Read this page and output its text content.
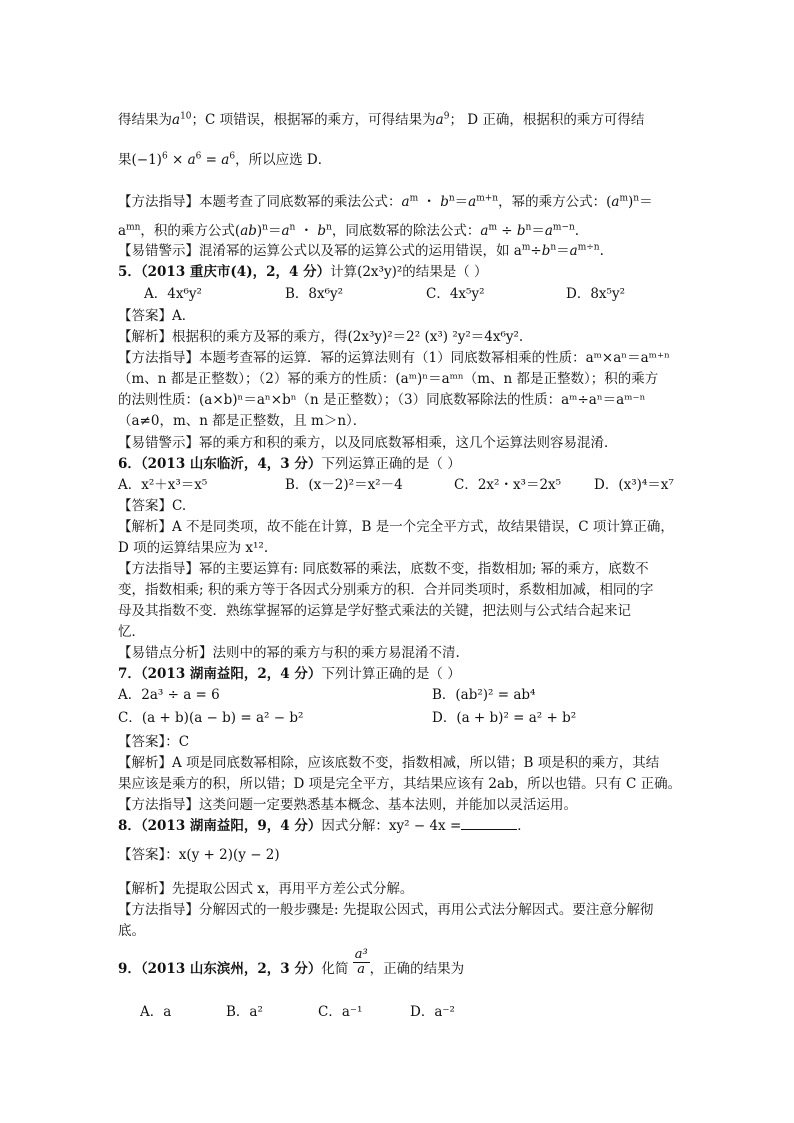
得结果为$a^{10}$；C 项错误，根据幂的乘方，可得结果为$a^9$； D 正确，根据积的乘方可得结
果$(-1)^6 \times a^6 = a^6$，所以应选 D．
【方法指导】本题考查了同底数幂的乘法公式：$a^m$ ・ $b^n=a^{m+n}$，幂的乘方公式：$(a^m)^n=$
$a^{mn}$，积的乘方公式$(ab)^n=a^n$ ・ $b^n$，同底数幂的除法公式：$a^m \div b^n=a^{m-n}$.
【易错警示】混淆幂的运算公式以及幂的运算公式的运用错误，如 $a^m\div b^n=a^{m\div n}$.
5．（2013 重庆市(4)，2，4 分）计算(2x³y)²的结果是（ ）
A．4x⁶y²	B．8x⁶y²	C．4x⁵y²	D．8x⁵y²
【答案】A．
【解析】根据积的乘方及幂的乘方，得(2x³y)²＝2² (x³) ²y²＝4x⁶y².
【方法指导】本题考查幂的运算．幂的运算法则有（1）同底数幂相乘的性质：aᵐ×aⁿ＝aᵐ⁺ⁿ
（m、n 都是正整数）；（2）幂的乘方的性质：(aᵐ)ⁿ＝aᵐⁿ（m、n 都是正整数）；积的乘方
的法则性质：(a×b)ⁿ＝aⁿ×bⁿ（n 是正整数）；（3）同底数幂除法的性质：aᵐ÷aⁿ＝aᵐ⁻ⁿ
（a≠0，m、n 都是正整数，且 m＞n）．
【易错警示】幂的乘方和积的乘方，以及同底数幂相乘，这几个运算法则容易混淆．
6．（2013 山东临沂，4，3 分）下列运算正确的是（ ）
A．x²＋x³＝x⁵	B．(x－2)²＝x²－4	C．2x²・x³＝2x⁵ D．(x³)⁴＝x⁷
【答案】C.
【解析】A 不是同类项，故不能在计算，B 是一个完全平方式，故结果错误，C 项计算正确，
D 项的运算结果应为 x¹².
【方法指导】幂的主要运算有: 同底数幂的乘法，底数不变，指数相加; 幂的乘方，底数不
变，指数相乘; 积的乘方等于各因式分别乘方的积．合并同类项时，系数相加减，相同的字
母及其指数不变．熟练掌握幂的运算是学好整式乘法的关键，把法则与公式结合起来记
忆．
【易错点分析】法则中的幂的乘方与积的乘方易混淆不清.
7．（2013 湖南益阳，2，4 分）下列计算正确的是（ ）
A．2a³ ÷ a = 6	B．(ab²)² = ab⁴
C．(a + b)(a − b) = a² − b²	D．(a + b)² = a² + b²
【答案】：C
【解析】A 项是同底数幂相除，应该底数不变，指数相减，所以错；B 项是积的乘方，其结
果应该是乘方的积，所以错；D 项是完全平方，其结果应该有 2ab，所以也错。只有 C 正确。
【方法指导】这类问题一定要熟悉基本概念、基本法则，并能加以灵活运用。
8．（2013 湖南益阳，9，4 分）因式分解：xy² − 4x =	．
【答案】：x(y + 2)(y − 2)
【解析】先提取公因式 x，再用平方差公式分解。
【方法指导】分解因式的一般步骤是: 先提取公因式，再用公式法分解因式。要注意分解彻
底。
9．（2013 山东滨州，2，3 分）化简 $\frac{\text{a³}}{a}$ ，正确的结果为
A．a	B．a²	C．a⁻¹	D．a⁻²
